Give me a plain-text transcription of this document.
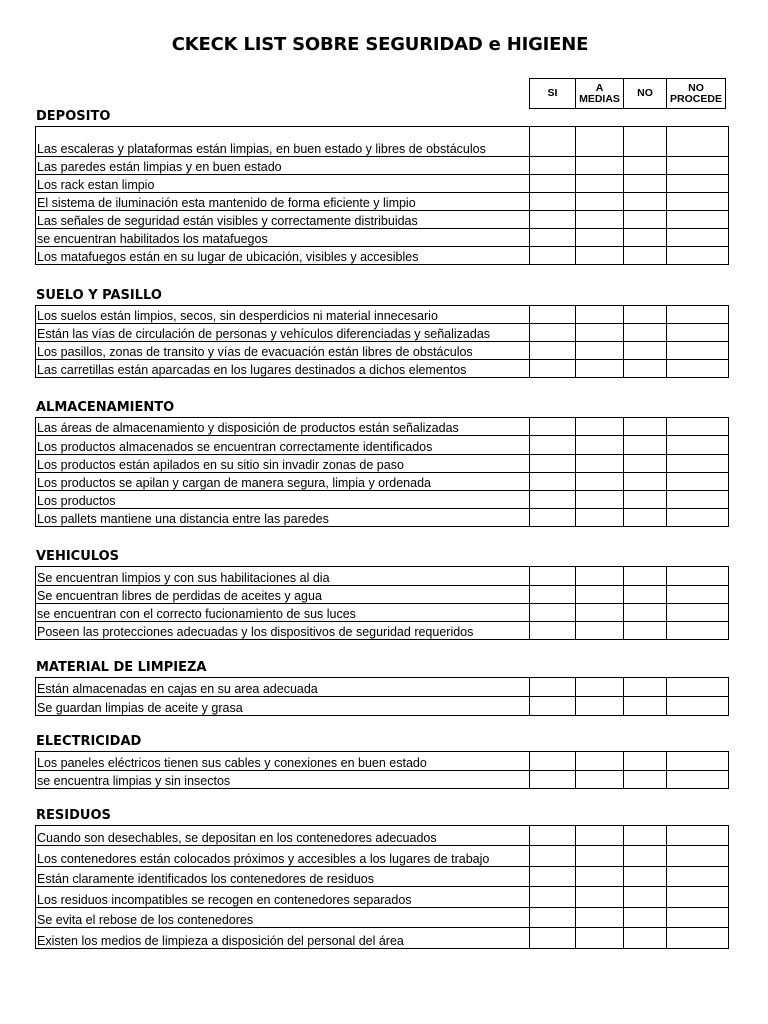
CKECK LIST SOBRE SEGURIDAD e HIGIENE
SI	A MEDIAS	NO	NO PROCEDE
DEPOSITO
Las escaleras y plataformas están limpias, en buen estado y libres de obstáculos				
Las paredes están limpias y en buen estado				
Los rack estan limpio				
El sistema de iluminación esta mantenido de forma eficiente y limpio				
Las señales de seguridad están visibles y correctamente distribuidas				
se encuentran habilitados los matafuegos				
Los matafuegos están en su lugar de ubicación, visibles y accesibles				
SUELO Y PASILLO
Los suelos están limpios, secos, sin desperdicios ni material innecesario				
Están las vías de circulación de personas y vehículos diferenciadas y señalizadas				
Los pasillos, zonas de transito y vías de evacuación están libres de obstáculos				
Las carretillas están aparcadas en los lugares destinados a dichos elementos				
ALMACENAMIENTO
Las áreas de almacenamiento y disposición de productos están señalizadas				
Los productos almacenados se encuentran correctamente identificados				
Los productos están apilados en su sitio sin invadir zonas de paso				
Los productos se apilan y cargan de manera segura, limpia y ordenada				
Los productos				
Los pallets mantiene una distancia entre las paredes				
VEHICULOS
Se encuentran limpios y con sus habilitaciones al dia				
Se encuentran libres de perdidas de aceites y agua				
se encuentran con el correcto fucionamiento de sus luces				
Poseen las protecciones adecuadas y los dispositivos de seguridad requeridos				
MATERIAL DE LIMPIEZA
Están almacenadas en cajas en su area adecuada				
Se guardan limpias de aceite y grasa				
ELECTRICIDAD
Los paneles eléctricos tienen sus cables y conexiones en buen estado				
se encuentra limpias y sin insectos				
RESIDUOS
Cuando son desechables, se depositan en los contenedores adecuados				
Los contenedores están colocados próximos y accesibles a los lugares de trabajo				
Están claramente identificados los contenedores de residuos				
Los residuos incompatibles se recogen en contenedores separados				
Se evita el rebose de los contenedores				
Existen los medios de limpieza a disposición del personal del área				
